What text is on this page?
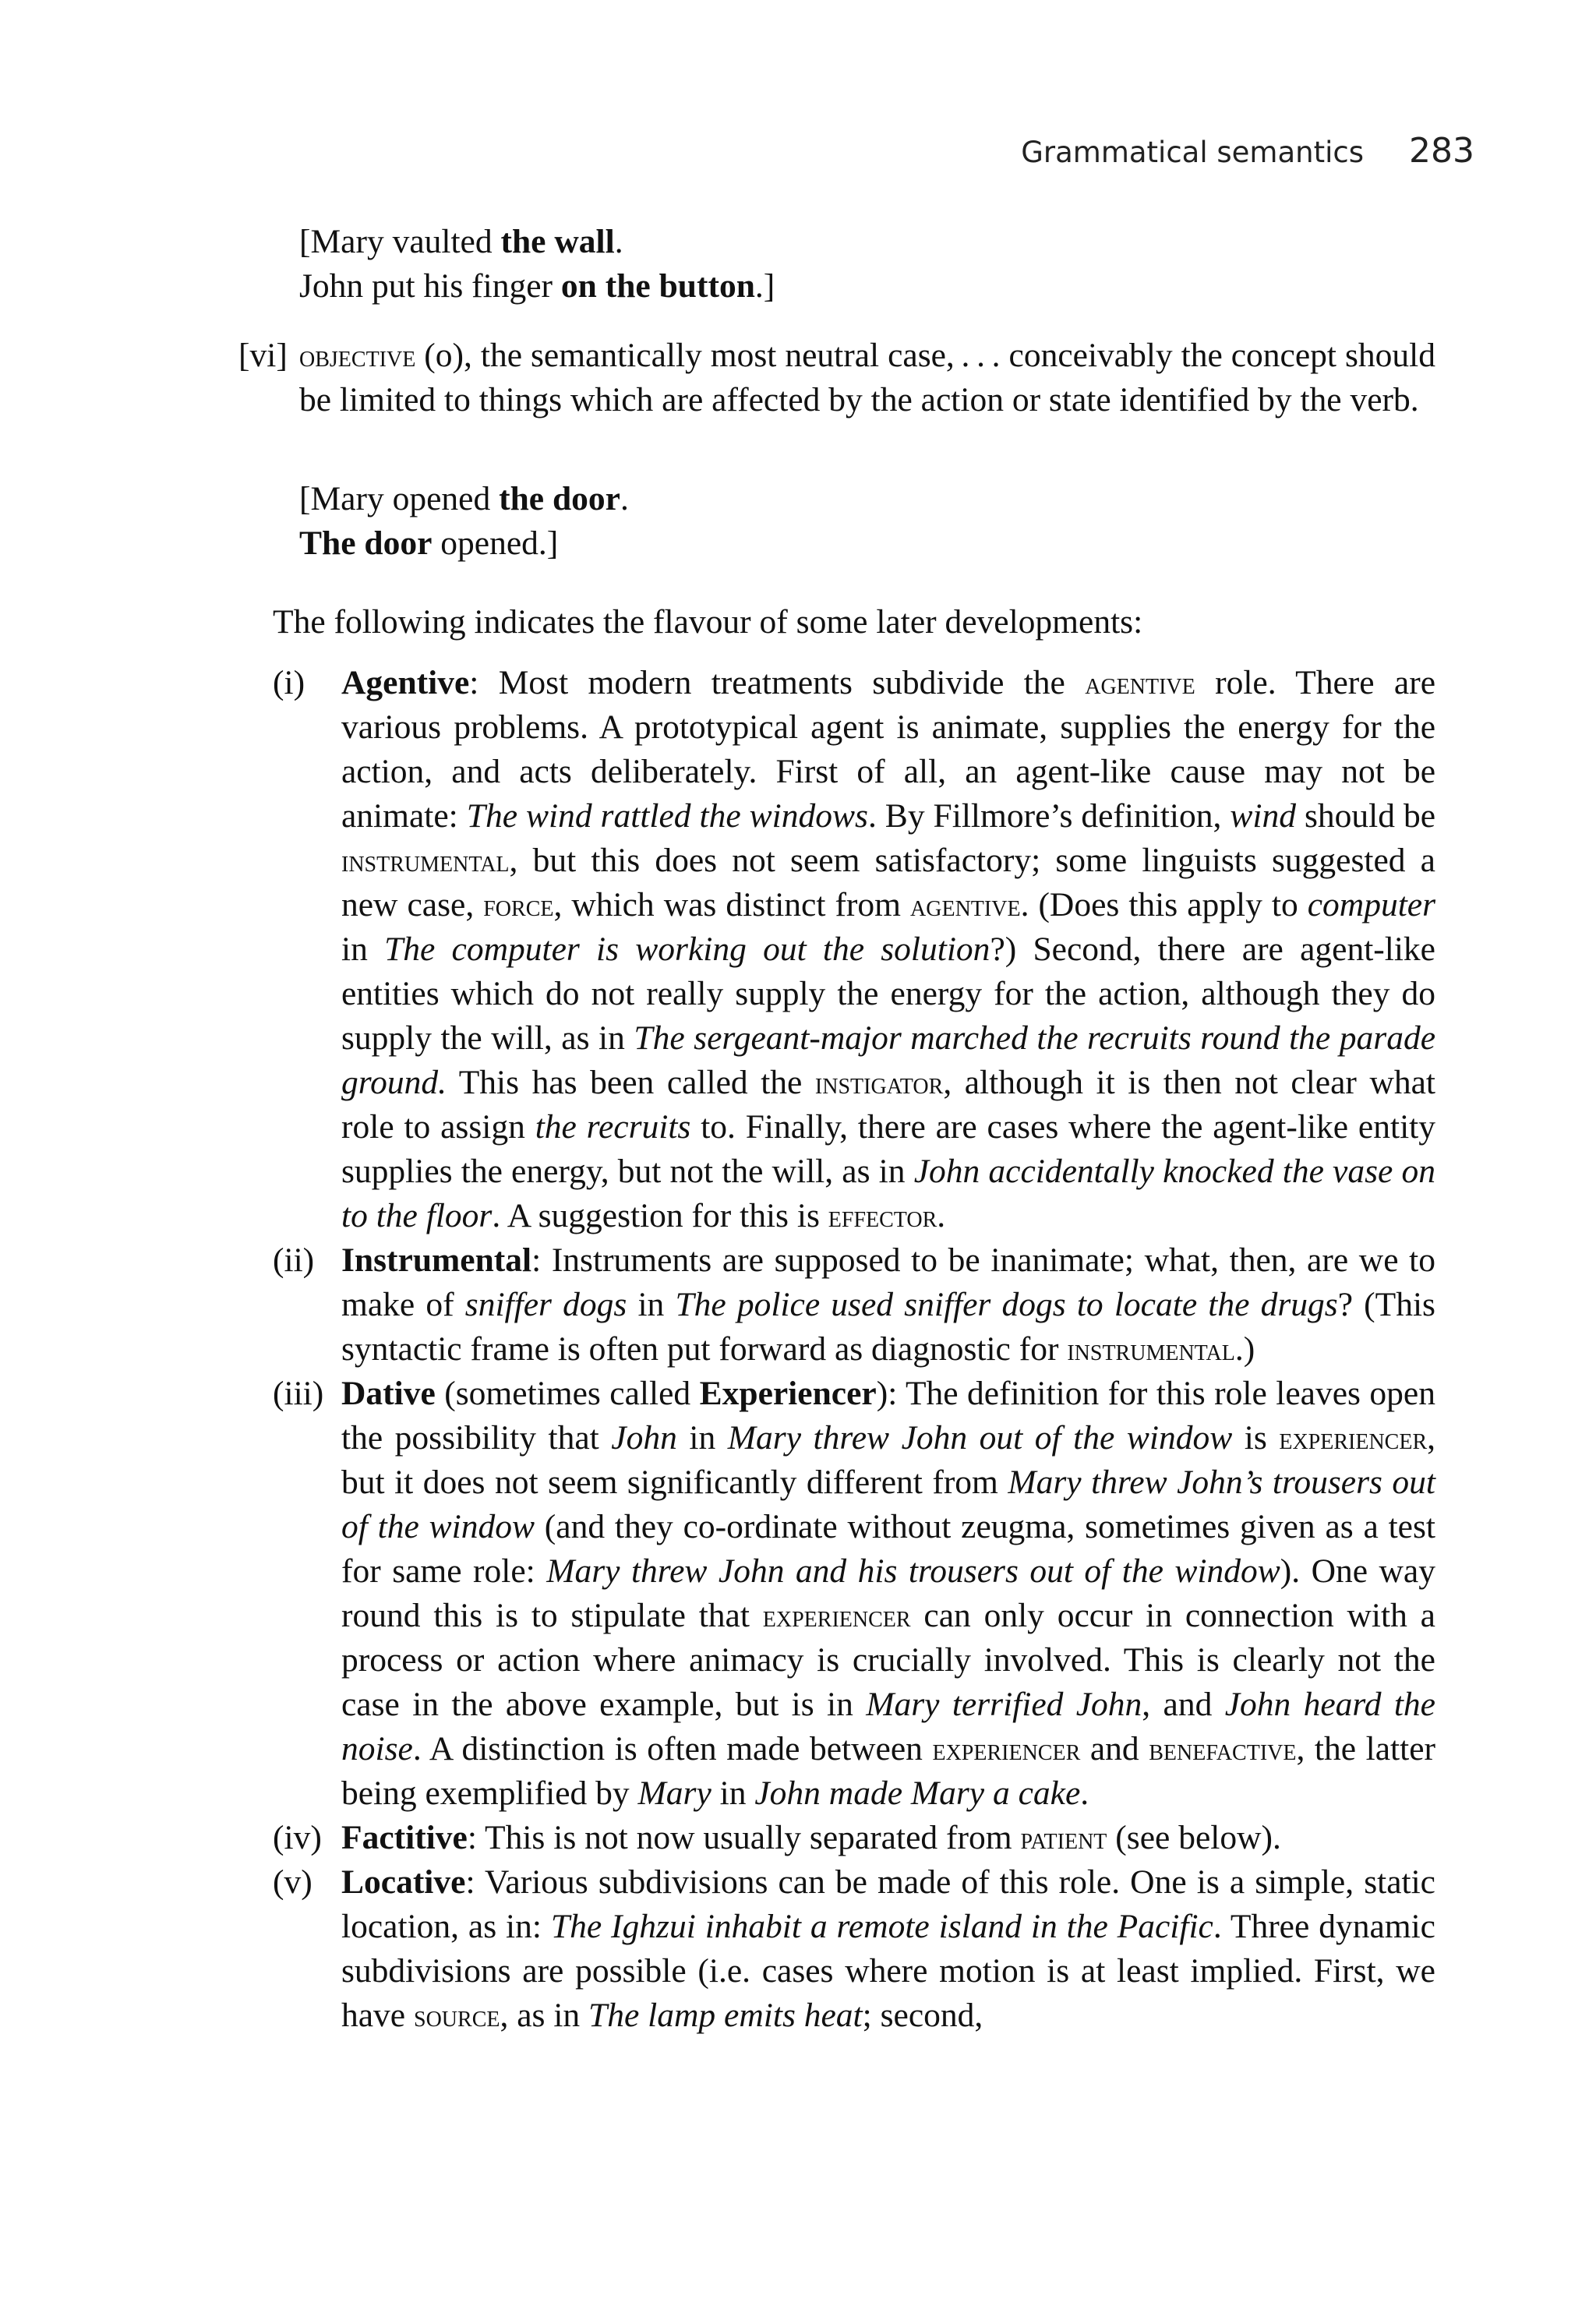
Grammatical semantics 283
[Mary vaulted the wall.
John put his finger on the button.]
[vi] objective (o), the semantically most neutral case, . . . conceivably the concept should be limited to things which are affected by the action or state identified by the verb.
[Mary opened the door.
The door opened.]
The following indicates the flavour of some later developments:
(i) Agentive: Most modern treatments subdivide the agentive role. There are various problems. A prototypical agent is animate, supplies the energy for the action, and acts deliberately. First of all, an agent-like cause may not be animate: The wind rattled the windows. By Fillmore’s definition, wind should be instrumental, but this does not seem satisfactory; some linguists suggested a new case, force, which was distinct from agentive. (Does this apply to computer in The computer is working out the solution?) Second, there are agent-like entities which do not really supply the energy for the action, although they do supply the will, as in The sergeant-major marched the recruits round the parade ground. This has been called the instigator, although it is then not clear what role to assign the recruits to. Finally, there are cases where the agent-like entity supplies the energy, but not the will, as in John accidentally knocked the vase on to the floor. A suggestion for this is effector.

(ii) Instrumental: Instruments are supposed to be inanimate; what, then, are we to make of sniffer dogs in The police used sniffer dogs to locate the drugs? (This syntactic frame is often put forward as diagnostic for instrumental.)

(iii) Dative (sometimes called Experiencer): The definition for this role leaves open the possibility that John in Mary threw John out of the window is experiencer, but it does not seem significantly different from Mary threw John’s trousers out of the window (and they co-ordinate without zeugma, sometimes given as a test for same role: Mary threw John and his trousers out of the window). One way round this is to stipulate that experiencer can only occur in connection with a process or action where animacy is crucially involved. This is clearly not the case in the above example, but is in Mary terrified John, and John heard the noise. A distinction is often made between experiencer and benefactive, the latter being exemplified by Mary in John made Mary a cake.

(iv) Factitive: This is not now usually separated from patient (see below).

(v) Locative: Various subdivisions can be made of this role. One is a simple, static location, as in: The Ighzui inhabit a remote island in the Pacific. Three dynamic subdivisions are possible (i.e. cases where motion is at least implied. First, we have source, as in The lamp emits heat; second,
